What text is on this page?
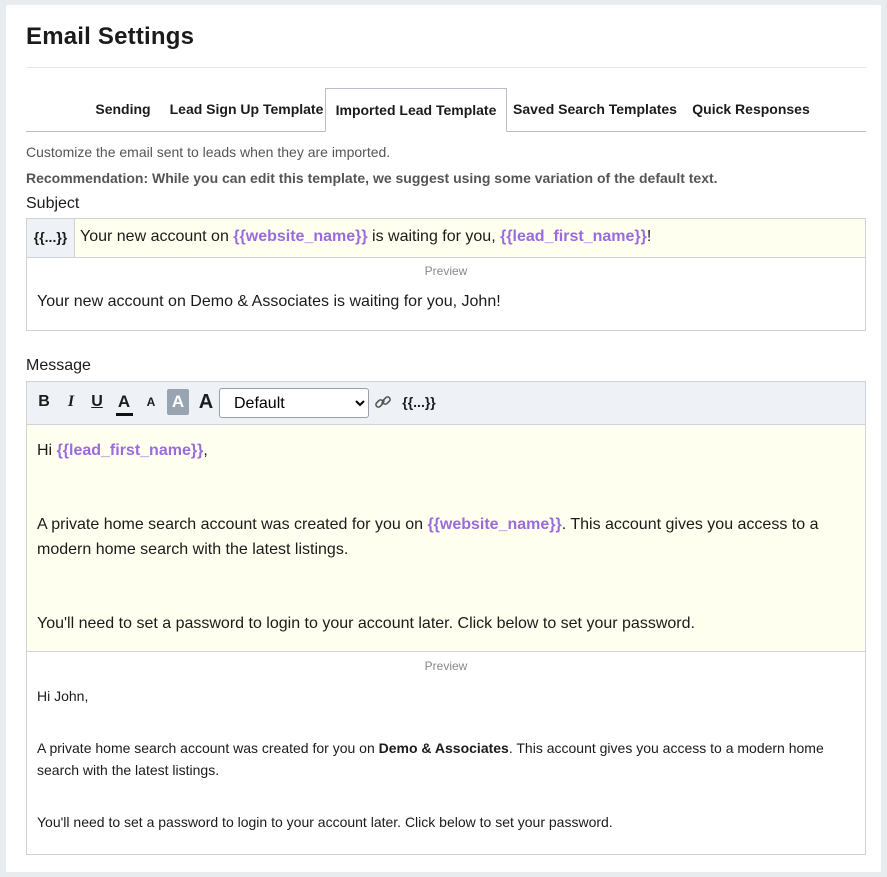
Email Settings
Sending	Lead Sign Up Template Imported Lead Template	Saved Search Templates	Quick Responses
Customize the email sent to leads when they are imported.
Recommendation: While you can edit this template, we suggest using some variation of the default text.
Subject
{{...}} Your new account on {{website_name}} is waiting for you, {{lead_first_name}}!
Preview
Your new account on Demo & Associates is waiting for you, John!
Message
B	I	U A	A A A
Default	{{...}}
Hi {{lead_first_name}},
A private home search account was created for you on {{website_name}}. This account gives you access to a modern home search with the latest listings.
You'll need to set a password to login to your account later. Click below to set your password.
Preview
Hi John,
A private home search account was created for you on Demo & Associates. This account gives you access to a modern home search with the latest listings.
You'll need to set a password to login to your account later. Click below to set your password.
